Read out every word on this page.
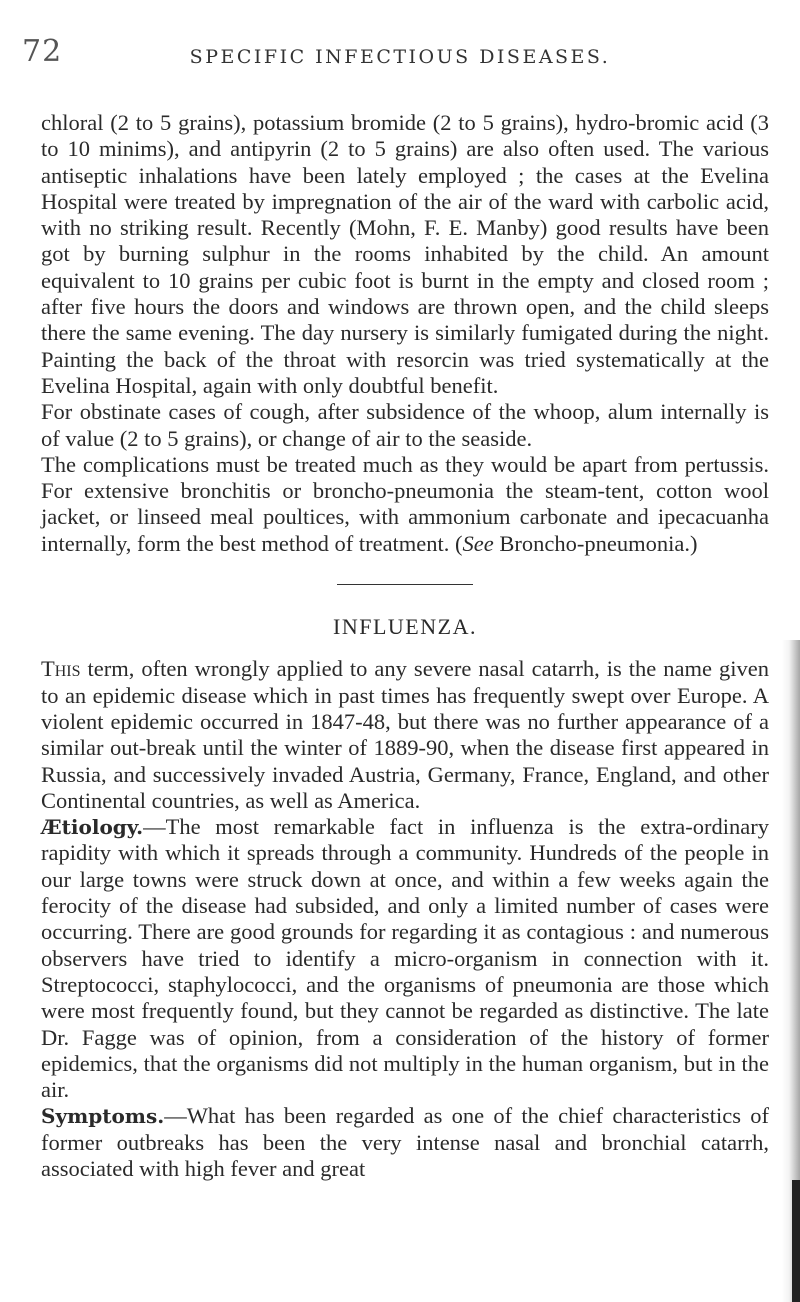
72	SPECIFIC INFECTIOUS DISEASES.

chloral (2 to 5 grains), potassium bromide (2 to 5 grains), hydro-bromic acid (3 to 10 minims), and antipyrin (2 to 5 grains) are also often used. The various antiseptic inhalations have been lately employed ; the cases at the Evelina Hospital were treated by impregnation of the air of the ward with carbolic acid, with no striking result. Recently (Mohn, F. E. Manby) good results have been got by burning sulphur in the rooms inhabited by the child. An amount equivalent to 10 grains per cubic foot is burnt in the empty and closed room ; after five hours the doors and windows are thrown open, and the child sleeps there the same evening. The day nursery is similarly fumigated during the night. Painting the back of the throat with resorcin was tried systematically at the Evelina Hospital, again with only doubtful benefit.

For obstinate cases of cough, after subsidence of the whoop, alum internally is of value (2 to 5 grains), or change of air to the seaside.

The complications must be treated much as they would be apart from pertussis. For extensive bronchitis or broncho-pneumonia the steam-tent, cotton wool jacket, or linseed meal poultices, with ammonium carbonate and ipecacuanha internally, form the best method of treatment. (See Broncho-pneumonia.)

INFLUENZA.

This term, often wrongly applied to any severe nasal catarrh, is the name given to an epidemic disease which in past times has frequently swept over Europe. A violent epidemic occurred in 1847-48, but there was no further appearance of a similar out-break until the winter of 1889-90, when the disease first appeared in Russia, and successively invaded Austria, Germany, France, England, and other Continental countries, as well as America.

Ætiology.—The most remarkable fact in influenza is the extra-ordinary rapidity with which it spreads through a community. Hundreds of the people in our large towns were struck down at once, and within a few weeks again the ferocity of the disease had subsided, and only a limited number of cases were occurring. There are good grounds for regarding it as contagious : and numerous observers have tried to identify a micro-organism in connection with it. Streptococci, staphylococci, and the organisms of pneumonia are those which were most frequently found, but they cannot be regarded as distinctive. The late Dr. Fagge was of opinion, from a consideration of the history of former epidemics, that the organisms did not multiply in the human organism, but in the air.

Symptoms.—What has been regarded as one of the chief characteristics of former outbreaks has been the very intense nasal and bronchial catarrh, associated with high fever and great
